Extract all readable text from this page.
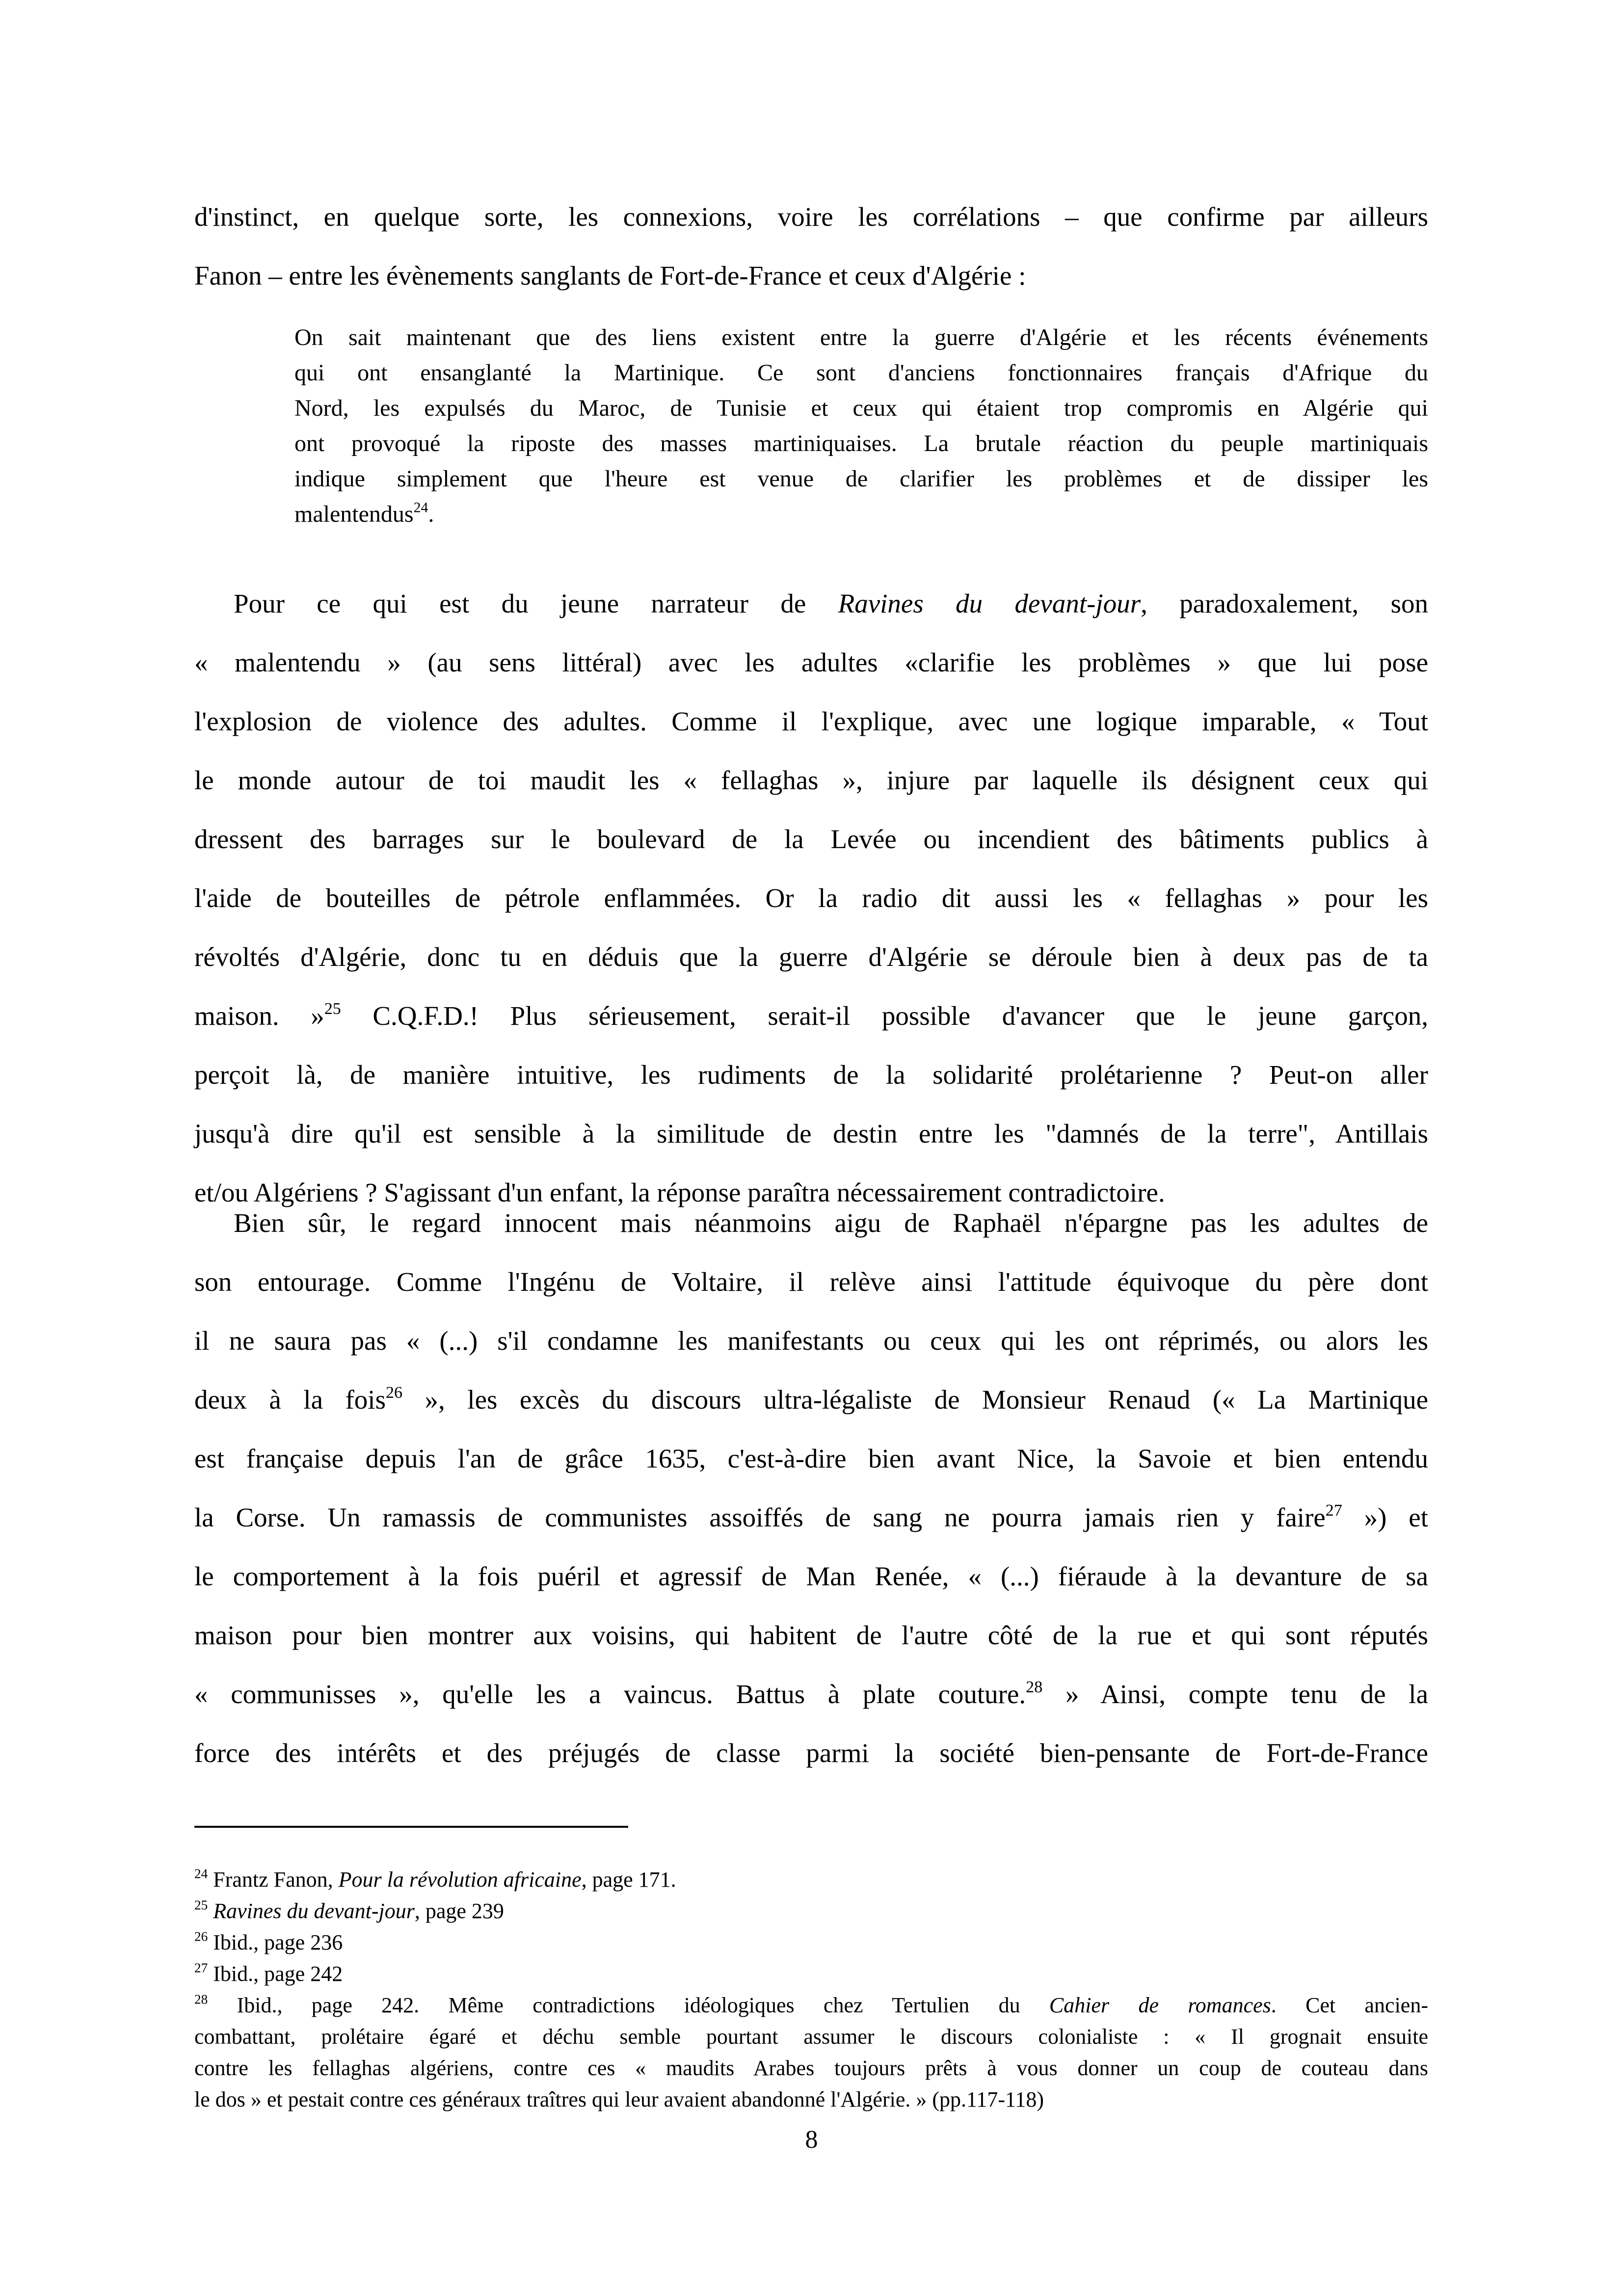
d'instinct, en quelque sorte, les connexions, voire les corrélations – que confirme par ailleurs
Fanon – entre les évènements sanglants de Fort-de-France et ceux d'Algérie :
On sait maintenant que des liens existent entre la guerre d'Algérie et les récents événements
qui ont ensanglanté la Martinique. Ce sont d'anciens fonctionnaires français d'Afrique du
Nord, les expulsés du Maroc, de Tunisie et ceux qui étaient trop compromis en Algérie qui
ont provoqué la riposte des masses martiniquaises. La brutale réaction du peuple martiniquais
indique simplement que l'heure est venue de clarifier les problèmes et de dissiper les
malentendus$^{24}$.
Pour ce qui est du jeune narrateur de Ravines du devant-jour, paradoxalement, son
« malentendu » (au sens littéral) avec les adultes «clarifie les problèmes » que lui pose
l'explosion de violence des adultes. Comme il l'explique, avec une logique imparable, « Tout
le monde autour de toi maudit les « fellaghas », injure par laquelle ils désignent ceux qui
dressent des barrages sur le boulevard de la Levée ou incendient des bâtiments publics à
l'aide de bouteilles de pétrole enflammées. Or la radio dit aussi les « fellaghas » pour les
révoltés d'Algérie, donc tu en déduis que la guerre d'Algérie se déroule bien à deux pas de ta
maison. »$^{25}$ C.Q.F.D.! Plus sérieusement, serait-il possible d'avancer que le jeune garçon,
perçoit là, de manière intuitive, les rudiments de la solidarité prolétarienne ? Peut-on aller
jusqu'à dire qu'il est sensible à la similitude de destin entre les "damnés de la terre", Antillais
et/ou Algériens ? S'agissant d'un enfant, la réponse paraîtra nécessairement contradictoire.
Bien sûr, le regard innocent mais néanmoins aigu de Raphaël n'épargne pas les adultes de
son entourage. Comme l'Ingénu de Voltaire, il relève ainsi l'attitude équivoque du père dont
il ne saura pas « (...) s'il condamne les manifestants ou ceux qui les ont réprimés, ou alors les
deux à la fois$^{26}$ », les excès du discours ultra-légaliste de Monsieur Renaud (« La Martinique
est française depuis l'an de grâce 1635, c'est-à-dire bien avant Nice, la Savoie et bien entendu
la Corse. Un ramassis de communistes assoiffés de sang ne pourra jamais rien y faire$^{27}$ ») et
le comportement à la fois puéril et agressif de Man Renée, « (...) fiéraude à la devanture de sa
maison pour bien montrer aux voisins, qui habitent de l'autre côté de la rue et qui sont réputés
« communisses », qu'elle les a vaincus. Battus à plate couture.$^{28}$ » Ainsi, compte tenu de la
force des intérêts et des préjugés de classe parmi la société bien-pensante de Fort-de-France
$^{24}$ Frantz Fanon, Pour la révolution africaine, page 171.
$^{25}$ Ravines du devant-jour, page 239
$^{26}$ Ibid., page 236
$^{27}$ Ibid., page 242
$^{28}$ Ibid., page 242. Même contradictions idéologiques chez Tertulien du Cahier de romances. Cet ancien-
combattant, prolétaire égaré et déchu semble pourtant assumer le discours colonialiste : « Il grognait ensuite
contre les fellaghas algériens, contre ces « maudits Arabes toujours prêts à vous donner un coup de couteau dans
le dos » et pestait contre ces généraux traîtres qui leur avaient abandonné l'Algérie. » (pp.117-118)
8
